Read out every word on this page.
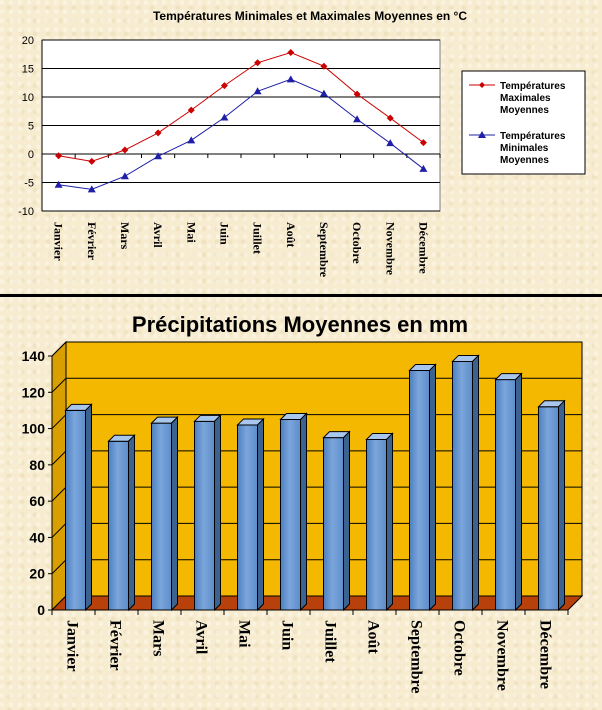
Températures Minimales et Maximales Moyennes en °C
20
15
10
5
0
-5
-10
Janvier Février Mars Avril Mai Juin Juillet Août Septembre Octobre Novembre Décembre
Températures Maximales Moyennes
Températures Minimales Moyennes
Précipitations Moyennes en mm
140
120
100
80
60
40
20
0
Janvier Février Mars Avril Mai Juin Juillet Août Septembre Octobre Novembre Décembre
